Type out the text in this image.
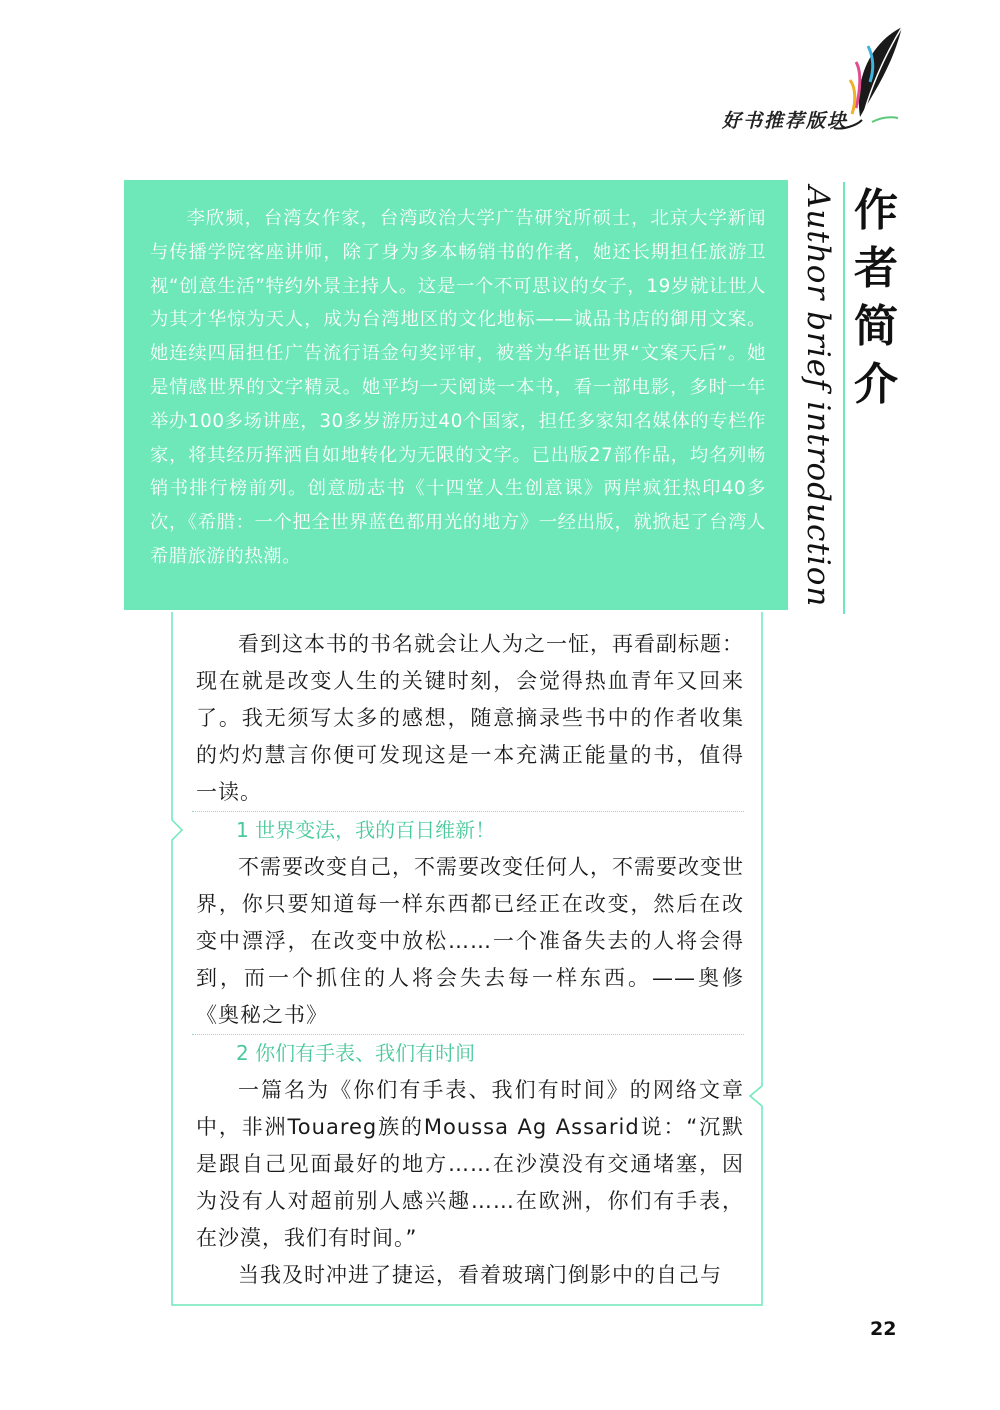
好书推荐版块

李欣频，台湾女作家，台湾政治大学广告研究所硕士，北京大学新闻与传播学院客座讲师，除了身为多本畅销书的作者，她还长期担任旅游卫视“创意生活”特约外景主持人。这是一个不可思议的女子，19岁就让世人为其才华惊为天人，成为台湾地区的文化地标——诚品书店的御用文案。她连续四届担任广告流行语金句奖评审，被誉为华语世界“文案天后”。她是情感世界的文字精灵。她平均一天阅读一本书，看一部电影，多时一年举办100多场讲座，30多岁游历过40个国家，担任多家知名媒体的专栏作家，将其经历挥洒自如地转化为无限的文字。已出版27部作品，均名列畅销书排行榜前列。创意励志书《十四堂人生创意课》两岸疯狂热印40多次，《希腊：一个把全世界蓝色都用光的地方》一经出版，就掀起了台湾人希腊旅游的热潮。

作
者
简
介
Author brief introduction

看到这本书的书名就会让人为之一怔，再看副标题：现在就是改变人生的关键时刻，会觉得热血青年又回来了。我无须写太多的感想，随意摘录些书中的作者收集的灼灼慧言你便可发现这是一本充满正能量的书，值得一读。

1 世界变法，我的百日维新！

不需要改变自己，不需要改变任何人，不需要改变世界，你只要知道每一样东西都已经正在改变，然后在改变中漂浮，在改变中放松……一个准备失去的人将会得到，而一个抓住的人将会失去每一样东西。——奥修《奥秘之书》

2 你们有手表、我们有时间

一篇名为《你们有手表、我们有时间》的网络文章中，非洲Touareg族的Moussa Ag Assarid说：“沉默是跟自己见面最好的地方……在沙漠没有交通堵塞，因为没有人对超前别人感兴趣……在欧洲，你们有手表，在沙漠，我们有时间。”

当我及时冲进了捷运，看着玻璃门倒影中的自己与

22
